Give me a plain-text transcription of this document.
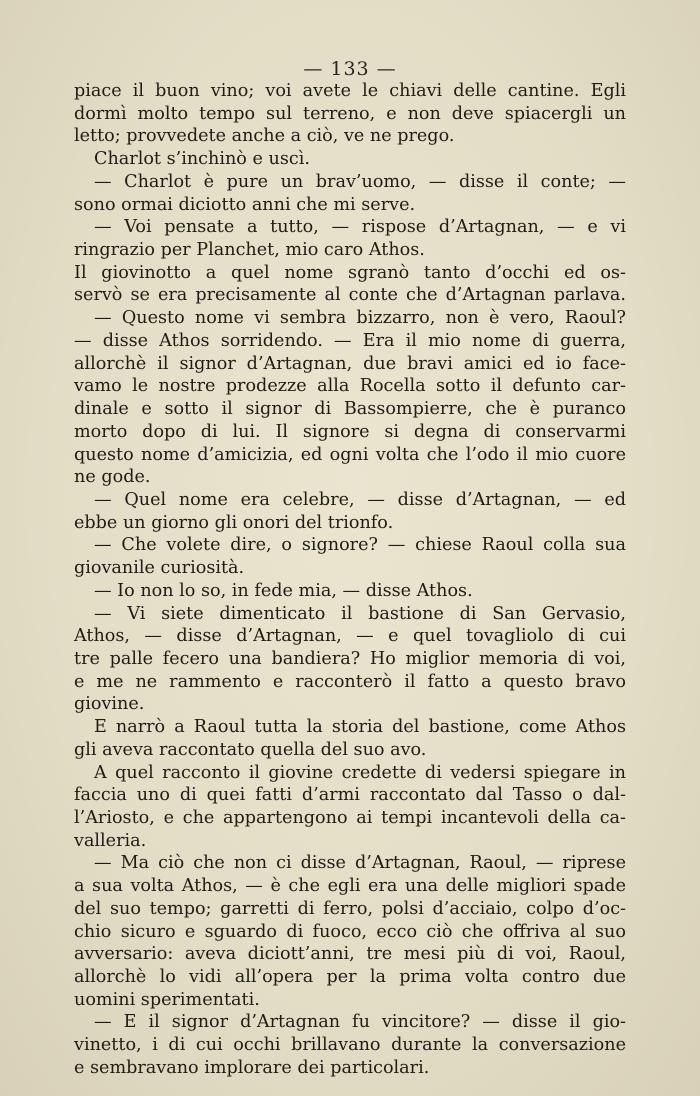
— 133 —
piace il buon vino; voi avete le chiavi delle cantine. Egli
dormì molto tempo sul terreno, e non deve spiacergli un
letto; provvedete anche a ciò, ve ne prego.
Charlot s’inchinò e uscì.
— Charlot è pure un brav’uomo, — disse il conte; —
sono ormai diciotto anni che mi serve.
— Voi pensate a tutto, — rispose d’Artagnan, — e vi
ringrazio per Planchet, mio caro Athos.
Il giovinotto a quel nome sgranò tanto d’occhi ed os-
servò se era precisamente al conte che d’Artagnan parlava.
— Questo nome vi sembra bizzarro, non è vero, Raoul?
— disse Athos sorridendo. — Era il mio nome di guerra,
allorchè il signor d’Artagnan, due bravi amici ed io face-
vamo le nostre prodezze alla Rocella sotto il defunto car-
dinale e sotto il signor di Bassompierre, che è puranco
morto dopo di lui. Il signore si degna di conservarmi
questo nome d’amicizia, ed ogni volta che l’odo il mio cuore
ne gode.
— Quel nome era celebre, — disse d’Artagnan, — ed
ebbe un giorno gli onori del trionfo.
— Che volete dire, o signore? — chiese Raoul colla sua
giovanile curiosità.
— Io non lo so, in fede mia, — disse Athos.
— Vi siete dimenticato il bastione di San Gervasio,
Athos, — disse d’Artagnan, — e quel tovagliolo di cui
tre palle fecero una bandiera? Ho miglior memoria di voi,
e me ne rammento e racconterò il fatto a questo bravo
giovine.
E narrò a Raoul tutta la storia del bastione, come Athos
gli aveva raccontato quella del suo avo.
A quel racconto il giovine credette di vedersi spiegare in
faccia uno di quei fatti d’armi raccontato dal Tasso o dal-
l’Ariosto, e che appartengono ai tempi incantevoli della ca-
valleria.
— Ma ciò che non ci disse d’Artagnan, Raoul, — riprese
a sua volta Athos, — è che egli era una delle migliori spade
del suo tempo; garretti di ferro, polsi d’acciaio, colpo d’oc-
chio sicuro e sguardo di fuoco, ecco ciò che offriva al suo
avversario: aveva diciott’anni, tre mesi più di voi, Raoul,
allorchè lo vidi all’opera per la prima volta contro due
uomini sperimentati.
— E il signor d’Artagnan fu vincitore? — disse il gio-
vinetto, i di cui occhi brillavano durante la conversazione
e sembravano implorare dei particolari.
